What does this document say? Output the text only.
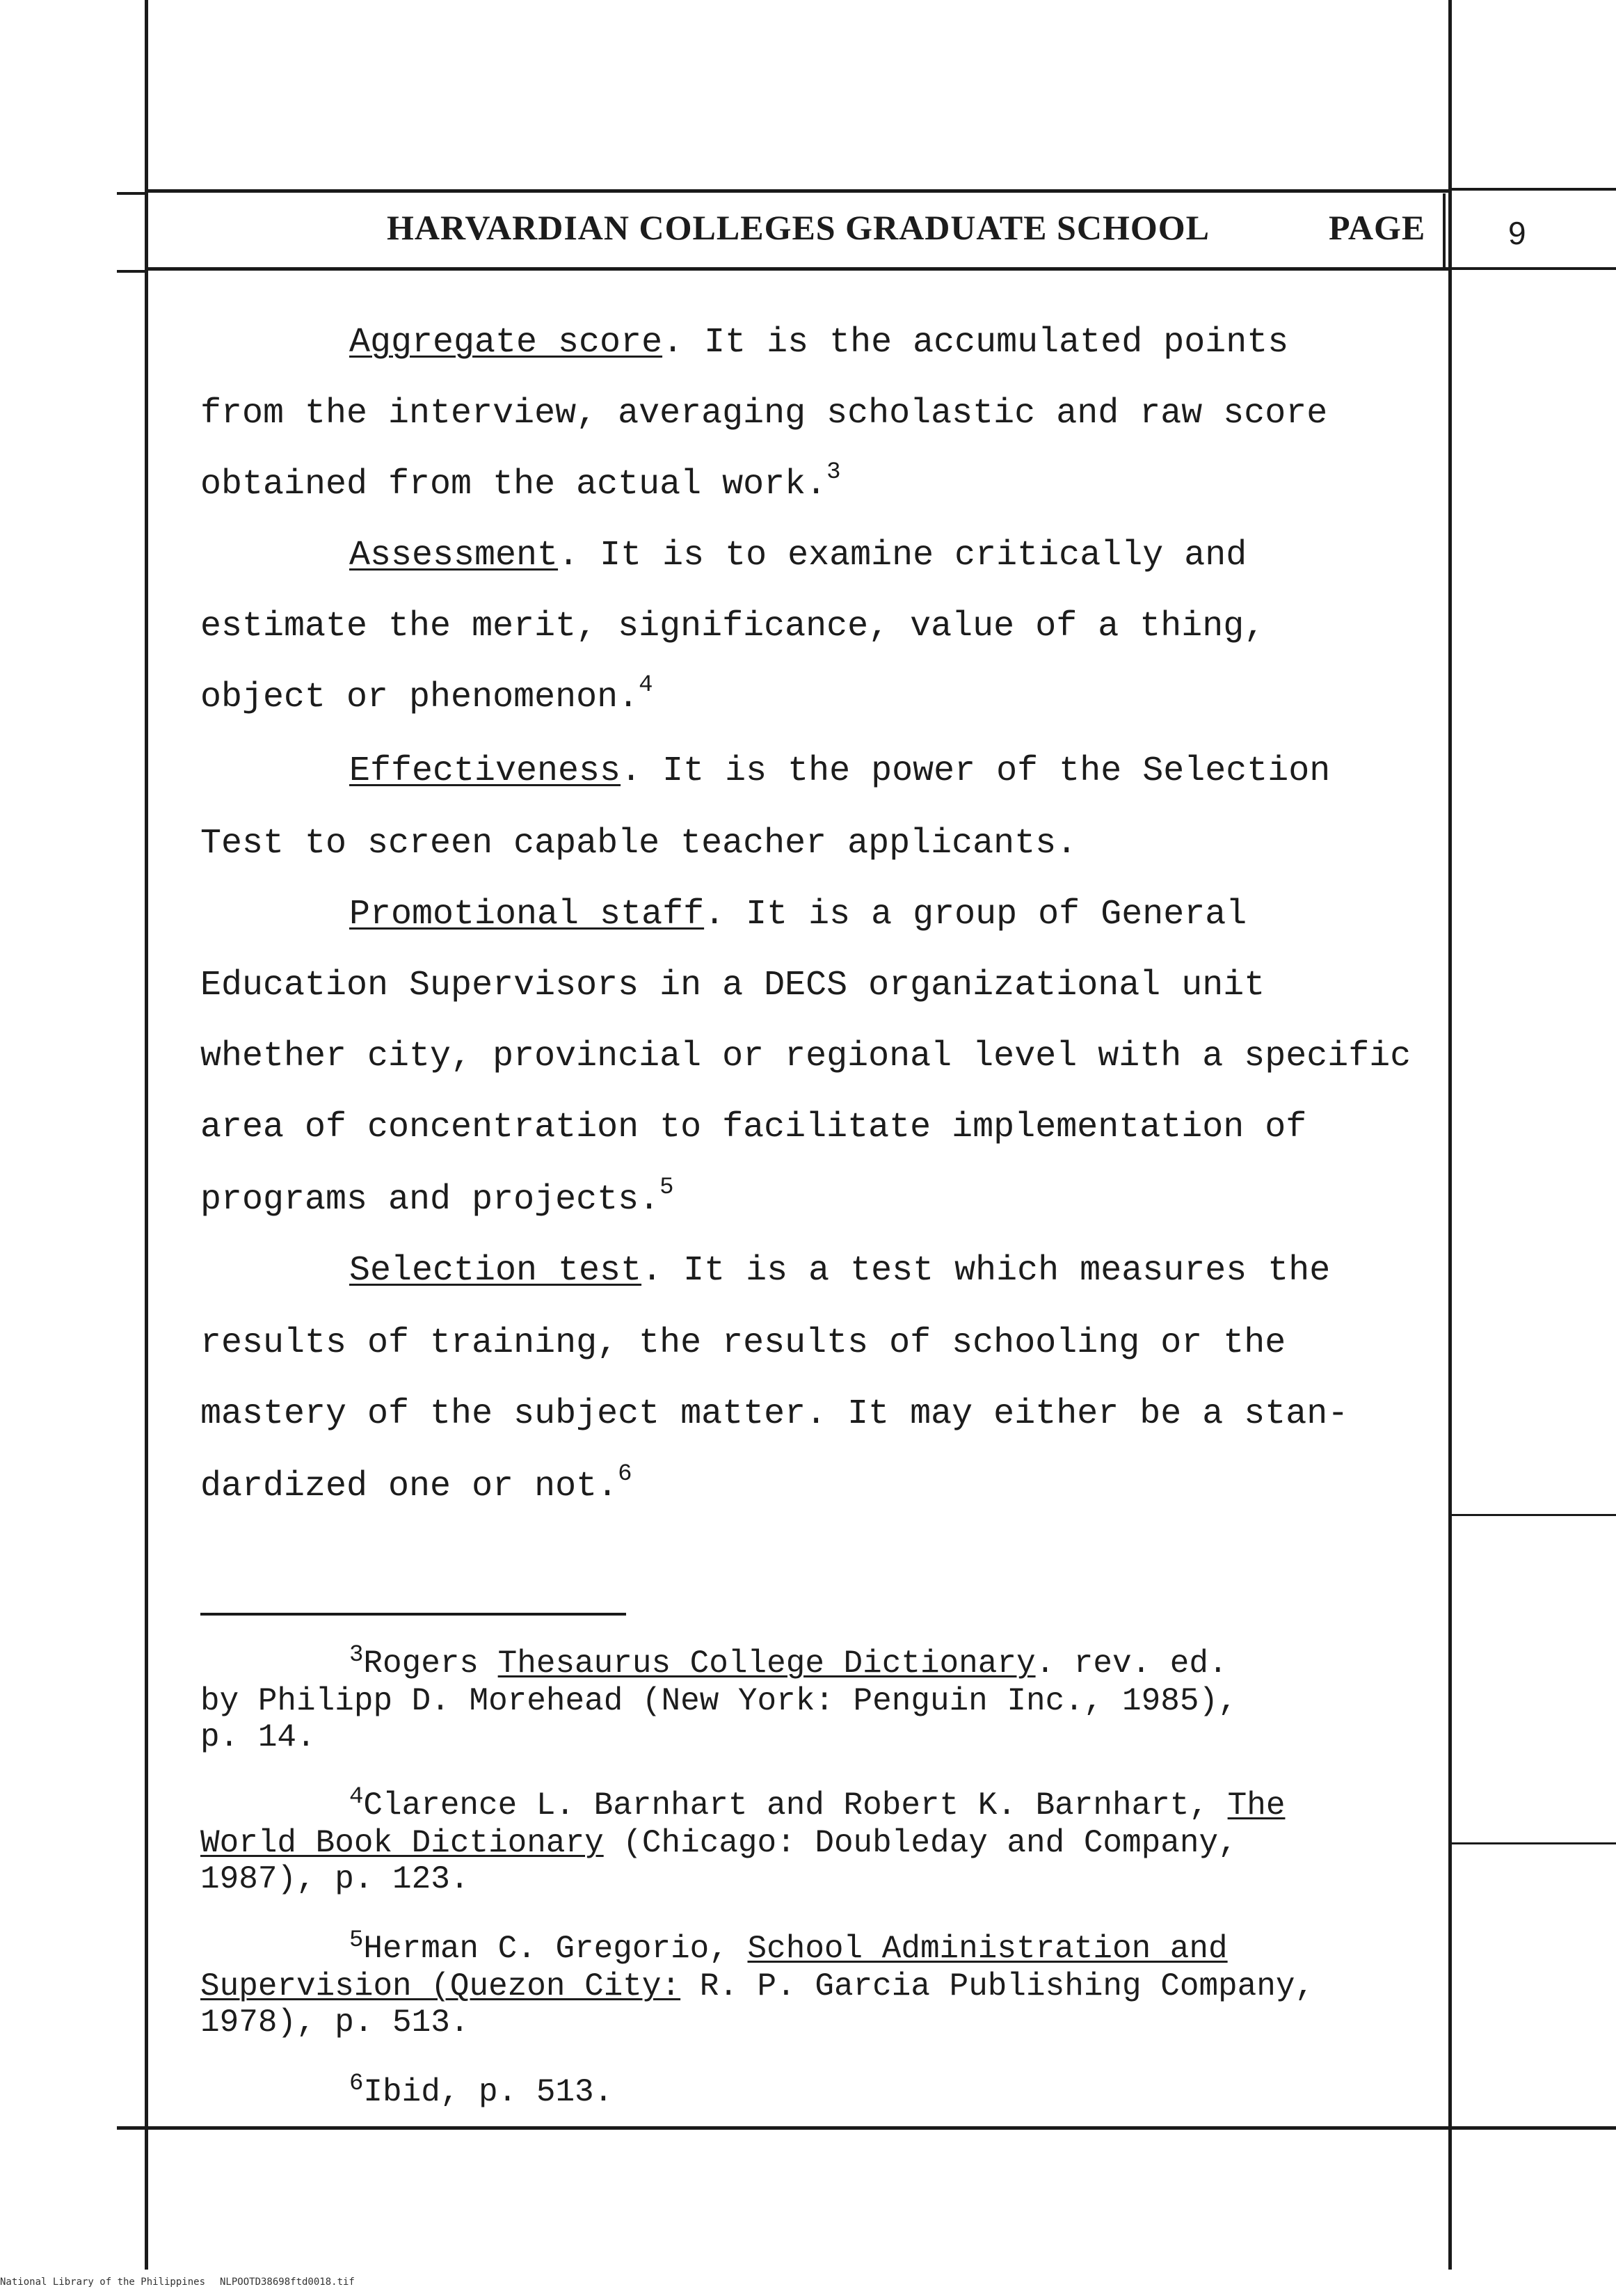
HARVARDIAN COLLEGES GRADUATE SCHOOL	PAGE	9
Aggregate score. It is the accumulated points
from the interview, averaging scholastic and raw score
obtained from the actual work.$^3$
Assessment. It is to examine critically and
estimate the merit, significance, value of a thing,
object or phenomenon.$^4$
Effectiveness. It is the power of the Selection
Test to screen capable teacher applicants.
Promotional staff. It is a group of General
Education Supervisors in a DECS organizational unit
whether city, provincial or regional level with a specific
area of concentration to facilitate implementation of
programs and projects.$^5$
Selection test. It is a test which measures the
results of training, the results of schooling or the
mastery of the subject matter. It may either be a stan-
dardized one or not.$^6$
$^3$Rogers Thesaurus College Dictionary. rev. ed.
by Philipp D. Morehead (New York: Penguin Inc., 1985),
p. 14.
$^4$Clarence L. Barnhart and Robert K. Barnhart, The
World Book Dictionary (Chicago: Doubleday and Company,
1987), p. 123.
$^5$Herman C. Gregorio, School Administration and
Supervision (Quezon City: R. P. Garcia Publishing Company,
1978), p. 513.
$^6$Ibid, p. 513.
National Library of the Philippines NLPOOTD38698ftd0018.tif
